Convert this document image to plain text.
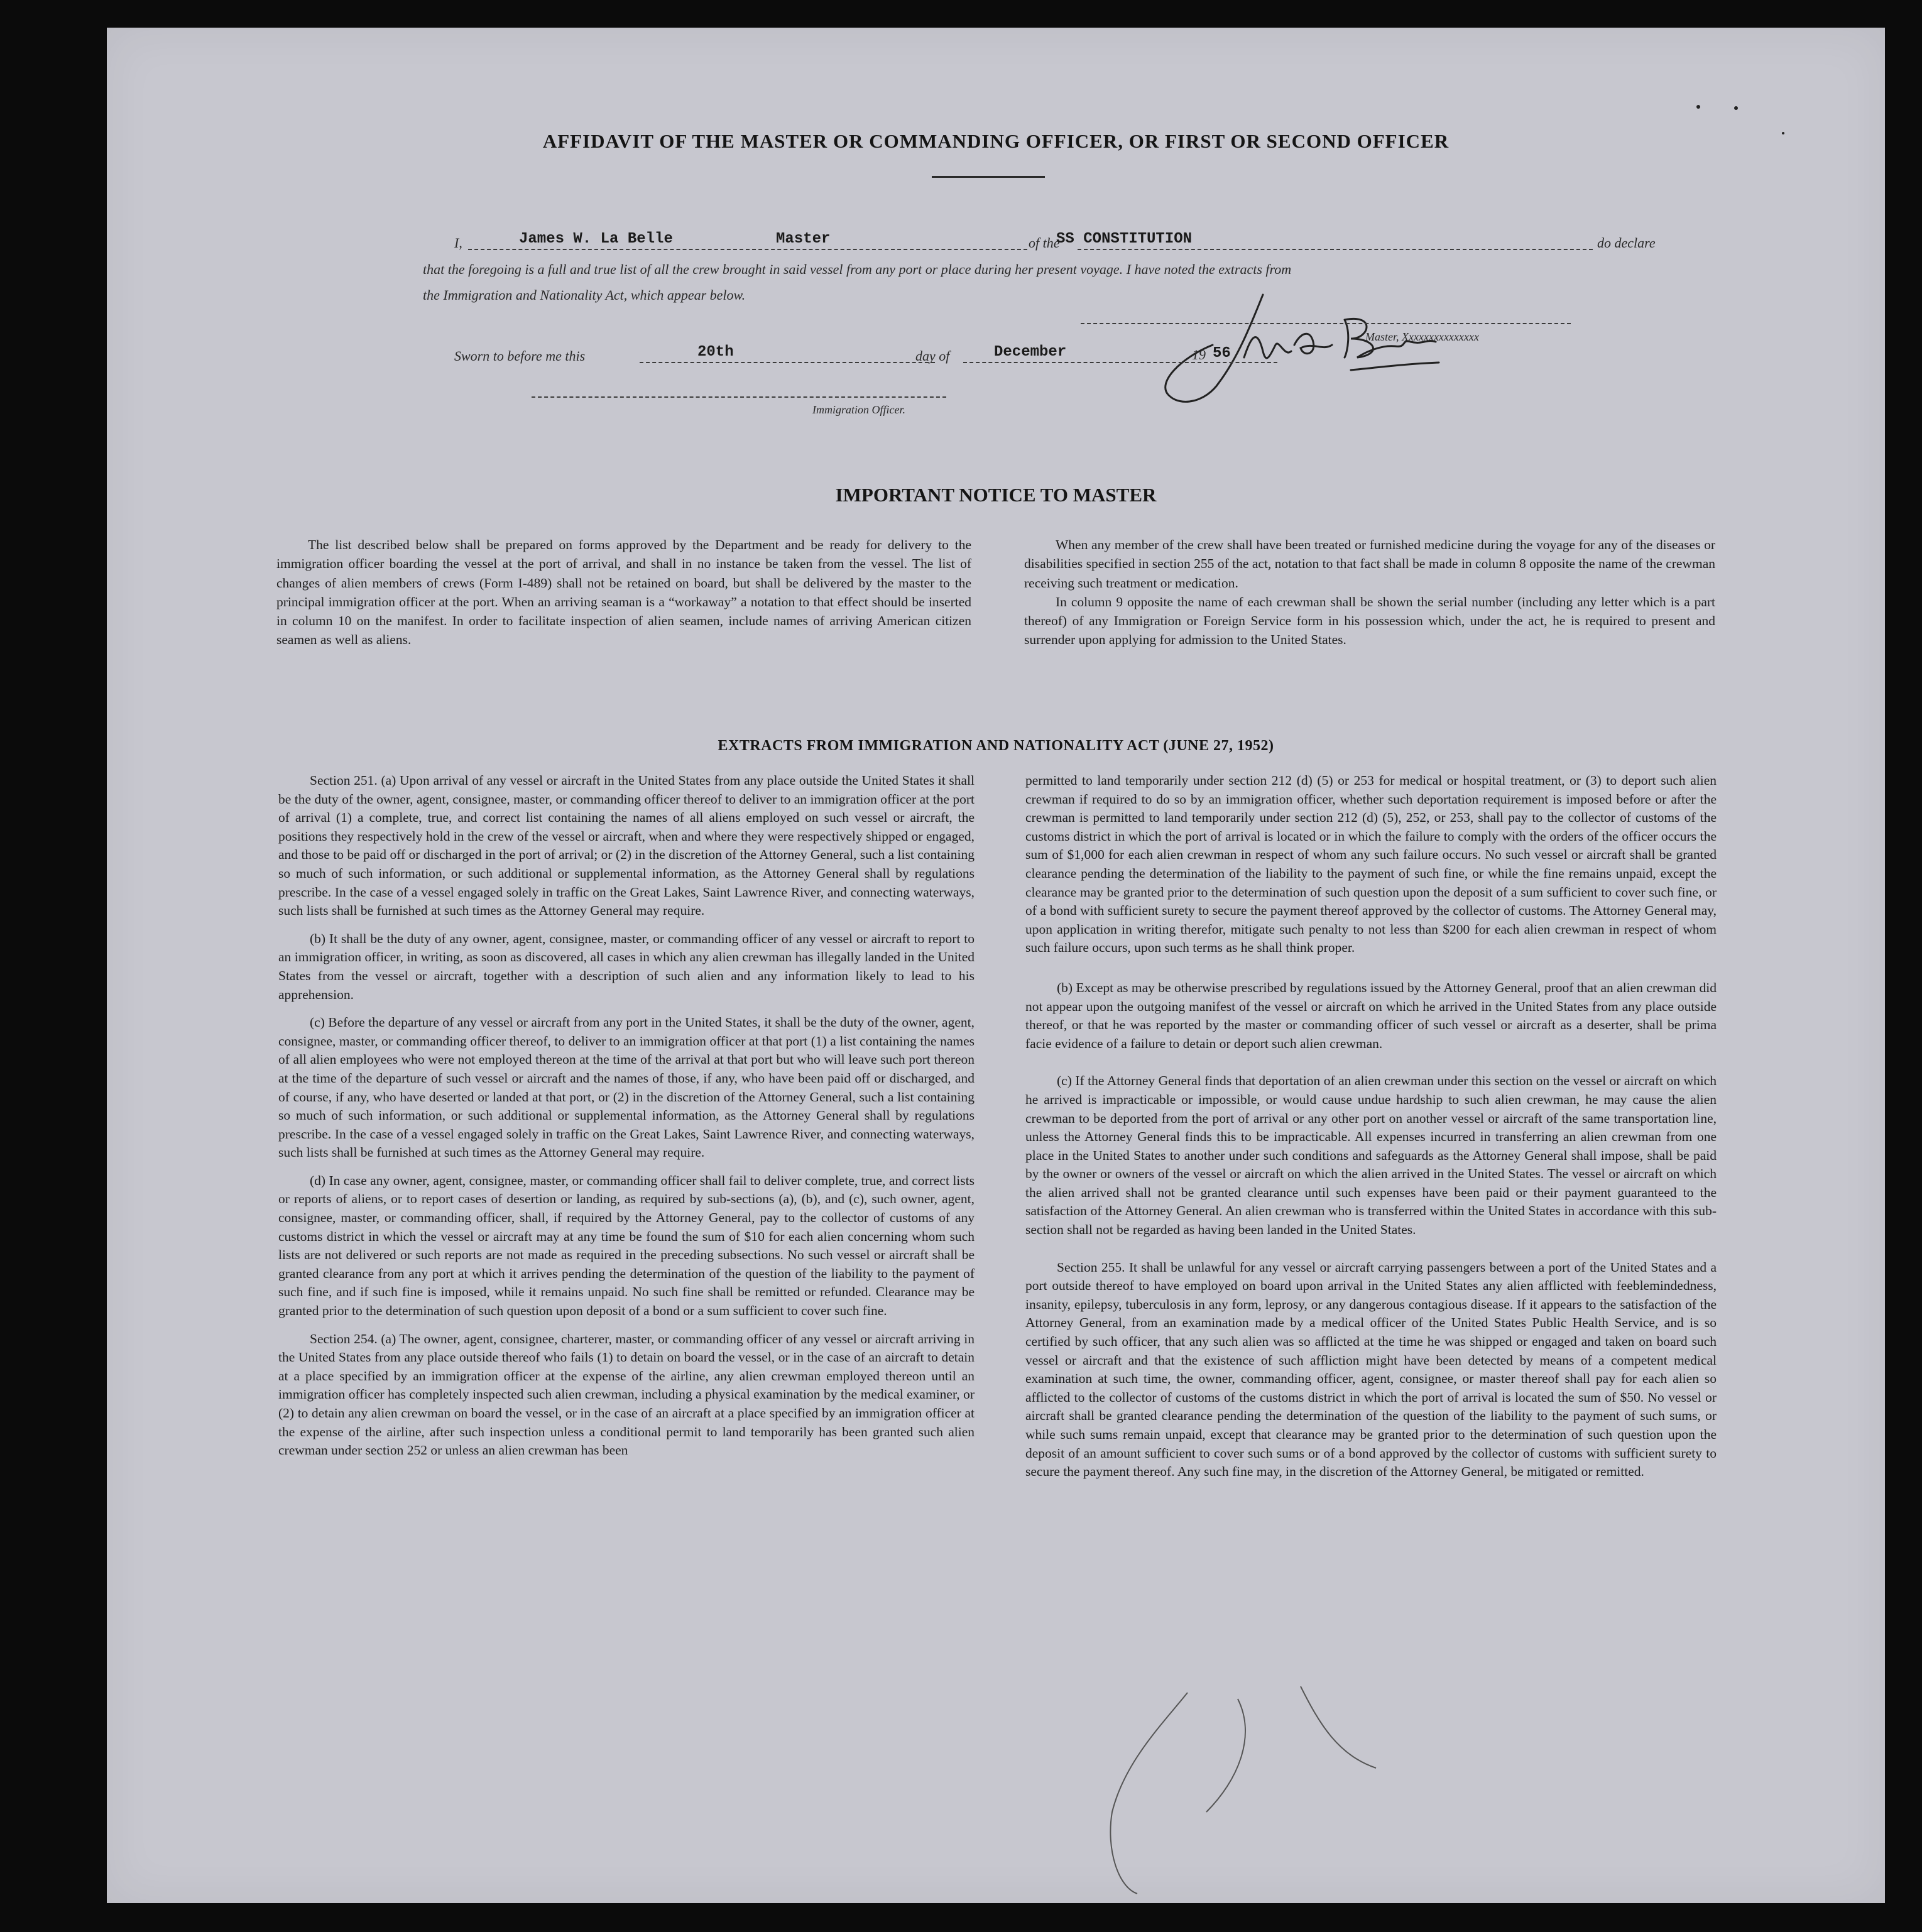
AFFIDAVIT OF THE MASTER OR COMMANDING OFFICER, OR FIRST OR SECOND OFFICER
I,	James W. La Belle	Master	of the
SS CONSTITUTION	do declare
that the foregoing is a full and true list of all the crew brought in said vessel from any port or place during her present voyage. I have noted the extracts from
the Immigration and Nationality Act, which appear below.
Master, Xxxxxxxxxxxxxxx
Sworn to before me this	20th	day of	December	19 56
Immigration Officer.
IMPORTANT NOTICE TO MASTER

The list described below shall be prepared on forms approved by the Department and be ready for delivery to the immigration officer boarding the vessel at the port of arrival, and shall in no instance be taken from the vessel. The list of changes of alien members of crews (Form I-489) shall not be retained on board, but shall be delivered by the master to the principal immigration officer at the port. When an arriving seaman is a “workaway” a notation to that effect should be inserted in column 10 on the manifest. In order to facilitate inspection of alien seamen, include names of arriving American citizen seamen as well as aliens.

When any member of the crew shall have been treated or furnished medicine during the voyage for any of the diseases or disabilities specified in section 255 of the act, notation to that fact shall be made in column 8 opposite the name of the crewman receiving such treatment or medication.

In column 9 opposite the name of each crewman shall be shown the serial number (including any letter which is a part thereof) of any Immigration or Foreign Service form in his possession which, under the act, he is required to present and surrender upon applying for admission to the United States.

EXTRACTS FROM IMMIGRATION AND NATIONALITY ACT (JUNE 27, 1952)

Section 251. (a) Upon arrival of any vessel or aircraft in the United States from any place outside the United States it shall be the duty of the owner, agent, consignee, master, or commanding officer thereof to deliver to an immigration officer at the port of arrival (1) a complete, true, and correct list containing the names of all aliens employed on such vessel or aircraft, the positions they respectively hold in the crew of the vessel or aircraft, when and where they were respectively shipped or engaged, and those to be paid off or discharged in the port of arrival; or (2) in the discretion of the Attorney General, such a list containing so much of such information, or such additional or supplemental information, as the Attorney General shall by regulations prescribe. In the case of a vessel engaged solely in traffic on the Great Lakes, Saint Lawrence River, and connecting waterways, such lists shall be furnished at such times as the Attorney General may require.

(b) It shall be the duty of any owner, agent, consignee, master, or commanding officer of any vessel or aircraft to report to an immigration officer, in writing, as soon as discovered, all cases in which any alien crewman has illegally landed in the United States from the vessel or aircraft, together with a description of such alien and any information likely to lead to his apprehension.

(c) Before the departure of any vessel or aircraft from any port in the United States, it shall be the duty of the owner, agent, consignee, master, or commanding officer thereof, to deliver to an immigration officer at that port (1) a list containing the names of all alien employees who were not employed thereon at the time of the arrival at that port but who will leave such port thereon at the time of the departure of such vessel or aircraft and the names of those, if any, who have been paid off or discharged, and of course, if any, who have deserted or landed at that port, or (2) in the discretion of the Attorney General, such a list containing so much of such information, or such additional or supplemental information, as the Attorney General shall by regulations prescribe. In the case of a vessel engaged solely in traffic on the Great Lakes, Saint Lawrence River, and connecting waterways, such lists shall be furnished at such times as the Attorney General may require.

(d) In case any owner, agent, consignee, master, or commanding officer shall fail to deliver complete, true, and correct lists or reports of aliens, or to report cases of desertion or landing, as required by sub-sections (a), (b), and (c), such owner, agent, consignee, master, or commanding officer, shall, if required by the Attorney General, pay to the collector of customs of any customs district in which the vessel or aircraft may at any time be found the sum of $10 for each alien concerning whom such lists are not delivered or such reports are not made as required in the preceding subsections. No such vessel or aircraft shall be granted clearance from any port at which it arrives pending the determination of the question of the liability to the payment of such fine, and if such fine is imposed, while it remains unpaid. No such fine shall be remitted or refunded. Clearance may be granted prior to the determination of such question upon deposit of a bond or a sum sufficient to cover such fine.

Section 254. (a) The owner, agent, consignee, charterer, master, or commanding officer of any vessel or aircraft arriving in the United States from any place outside thereof who fails (1) to detain on board the vessel, or in the case of an aircraft to detain at a place specified by an immigration officer at the expense of the airline, any alien crewman employed thereon until an immigration officer has completely inspected such alien crewman, including a physical examination by the medical examiner, or (2) to detain any alien crewman on board the vessel, or in the case of an aircraft at a place specified by an immigration officer at the expense of the airline, after such inspection unless a conditional permit to land temporarily has been granted such alien crewman under section 252 or unless an alien crewman has been

permitted to land temporarily under section 212 (d) (5) or 253 for medical or hospital treatment, or (3) to deport such alien crewman if required to do so by an immigration officer, whether such deportation requirement is imposed before or after the crewman is permitted to land temporarily under section 212 (d) (5), 252, or 253, shall pay to the collector of customs of the customs district in which the port of arrival is located or in which the failure to comply with the orders of the officer occurs the sum of $1,000 for each alien crewman in respect of whom any such failure occurs. No such vessel or aircraft shall be granted clearance pending the determination of the liability to the payment of such fine, or while the fine remains unpaid, except the clearance may be granted prior to the determination of such question upon the deposit of a sum sufficient to cover such fine, or of a bond with sufficient surety to secure the payment thereof approved by the collector of customs. The Attorney General may, upon application in writing therefor, mitigate such penalty to not less than $200 for each alien crewman in respect of whom such failure occurs, upon such terms as he shall think proper.

(b) Except as may be otherwise prescribed by regulations issued by the Attorney General, proof that an alien crewman did not appear upon the outgoing manifest of the vessel or aircraft on which he arrived in the United States from any place outside thereof, or that he was reported by the master or commanding officer of such vessel or aircraft as a deserter, shall be prima facie evidence of a failure to detain or deport such alien crewman.

(c) If the Attorney General finds that deportation of an alien crewman under this section on the vessel or aircraft on which he arrived is impracticable or impossible, or would cause undue hardship to such alien crewman, he may cause the alien crewman to be deported from the port of arrival or any other port on another vessel or aircraft of the same transportation line, unless the Attorney General finds this to be impracticable. All expenses incurred in transferring an alien crewman from one place in the United States to another under such conditions and safeguards as the Attorney General shall impose, shall be paid by the owner or owners of the vessel or aircraft on which the alien arrived in the United States. The vessel or aircraft on which the alien arrived shall not be granted clearance until such expenses have been paid or their payment guaranteed to the satisfaction of the Attorney General. An alien crewman who is transferred within the United States in accordance with this sub-section shall not be regarded as having been landed in the United States.

Section 255. It shall be unlawful for any vessel or aircraft carrying passengers between a port of the United States and a port outside thereof to have employed on board upon arrival in the United States any alien afflicted with feeblemindedness, insanity, epilepsy, tuberculosis in any form, leprosy, or any dangerous contagious disease. If it appears to the satisfaction of the Attorney General, from an examination made by a medical officer of the United States Public Health Service, and is so certified by such officer, that any such alien was so afflicted at the time he was shipped or engaged and taken on board such vessel or aircraft and that the existence of such affliction might have been detected by means of a competent medical examination at such time, the owner, commanding officer, agent, consignee, or master thereof shall pay for each alien so afflicted to the collector of customs of the customs district in which the port of arrival is located the sum of $50. No vessel or aircraft shall be granted clearance pending the determination of the question of the liability to the payment of such sums, or while such sums remain unpaid, except that clearance may be granted prior to the determination of such question upon the deposit of an amount sufficient to cover such sums or of a bond approved by the collector of customs with sufficient surety to secure the payment thereof. Any such fine may, in the discretion of the Attorney General, be mitigated or remitted.
